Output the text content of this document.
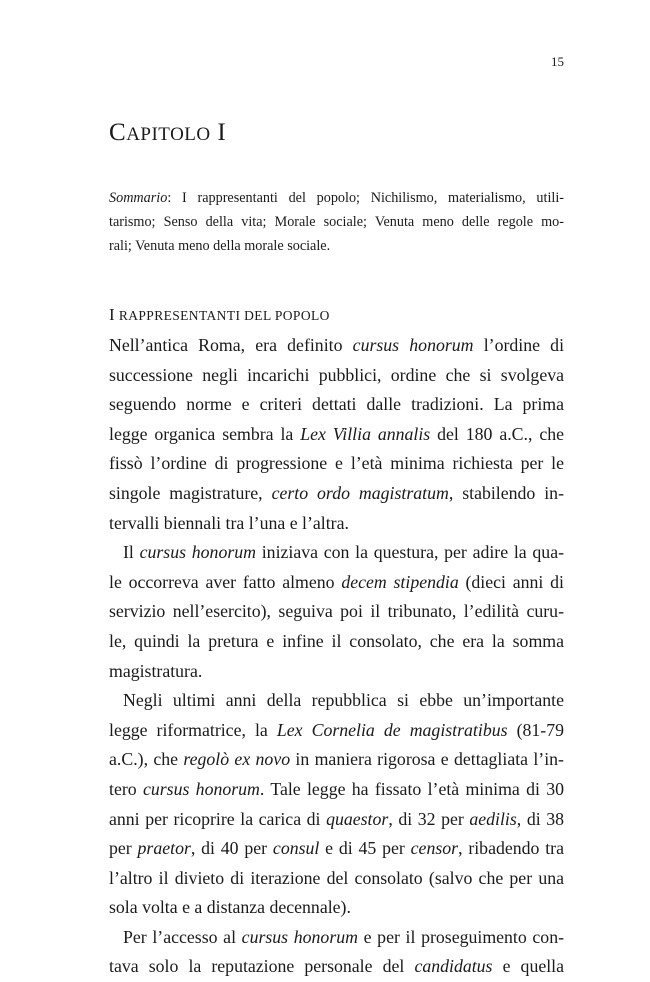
15
CAPITOLO I

Sommario: I rappresentanti del popolo; Nichilismo, materialismo, utili-
tarismo; Senso della vita; Morale sociale; Venuta meno delle regole mo-
rali; Venuta meno della morale sociale.

I RAPPRESENTANTI DEL POPOLO

Nell’antica Roma, era definito cursus honorum l’ordine di
successione negli incarichi pubblici, ordine che si svolgeva
seguendo norme e criteri dettati dalle tradizioni. La prima
legge organica sembra la Lex Villia annalis del 180 a.C., che
fissò l’ordine di progressione e l’età minima richiesta per le
singole magistrature, certo ordo magistratum, stabilendo in-
tervalli biennali tra l’una e l’altra.

Il cursus honorum iniziava con la questura, per adire la qua-
le occorreva aver fatto almeno decem stipendia (dieci anni di
servizio nell’esercito), seguiva poi il tribunato, l’edilità curu-
le, quindi la pretura e infine il consolato, che era la somma
magistratura.

Negli ultimi anni della repubblica si ebbe un’importante
legge riformatrice, la Lex Cornelia de magistratibus (81-79
a.C.), che regolò ex novo in maniera rigorosa e dettagliata l’in-
tero cursus honorum. Tale legge ha fissato l’età minima di 30
anni per ricoprire la carica di quaestor, di 32 per aedilis, di 38
per praetor, di 40 per consul e di 45 per censor, ribadendo tra
l’altro il divieto di iterazione del consolato (salvo che per una
sola volta e a distanza decennale).

Per l’accesso al cursus honorum e per il proseguimento con-
tava solo la reputazione personale del candidatus e quella
